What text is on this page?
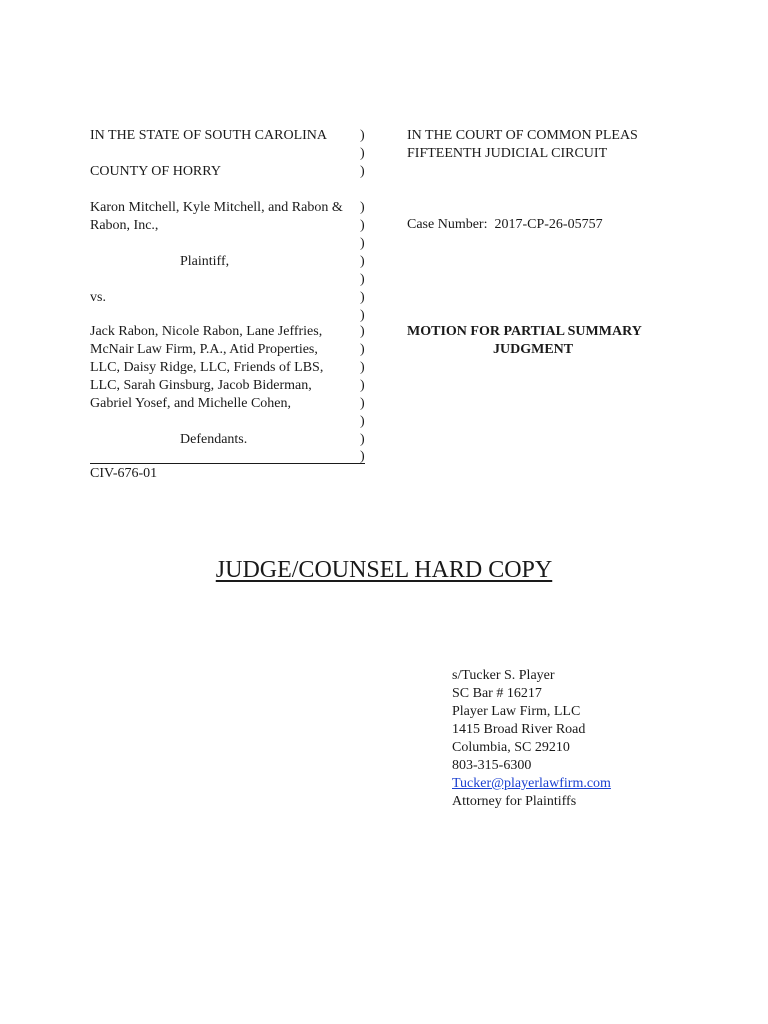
IN THE STATE OF SOUTH CAROLINA
COUNTY OF HORRY
Karon Mitchell, Kyle Mitchell, and Rabon &
Rabon, Inc.,
Plaintiff,
vs.
Jack Rabon, Nicole Rabon, Lane Jeffries,
McNair Law Firm, P.A., Atid Properties,
LLC, Daisy Ridge, LLC, Friends of LBS,
LLC, Sarah Ginsburg, Jacob Biderman,
Gabriel Yosef, and Michelle Cohen,
Defendants.
CIV-676-01
)
)
)
)
)
)
)
)
)
)
)
)
)
)
)
)
)
)
IN THE COURT OF COMMON PLEAS
FIFTEENTH JUDICIAL CIRCUIT
Case Number: 2017-CP-26-05757
MOTION FOR PARTIAL SUMMARY
JUDGMENT
JUDGE/COUNSEL HARD COPY
s/Tucker S. Player
SC Bar # 16217
Player Law Firm, LLC
1415 Broad River Road
Columbia, SC 29210
803-315-6300
Tucker@playerlawfirm.com
Attorney for Plaintiffs
